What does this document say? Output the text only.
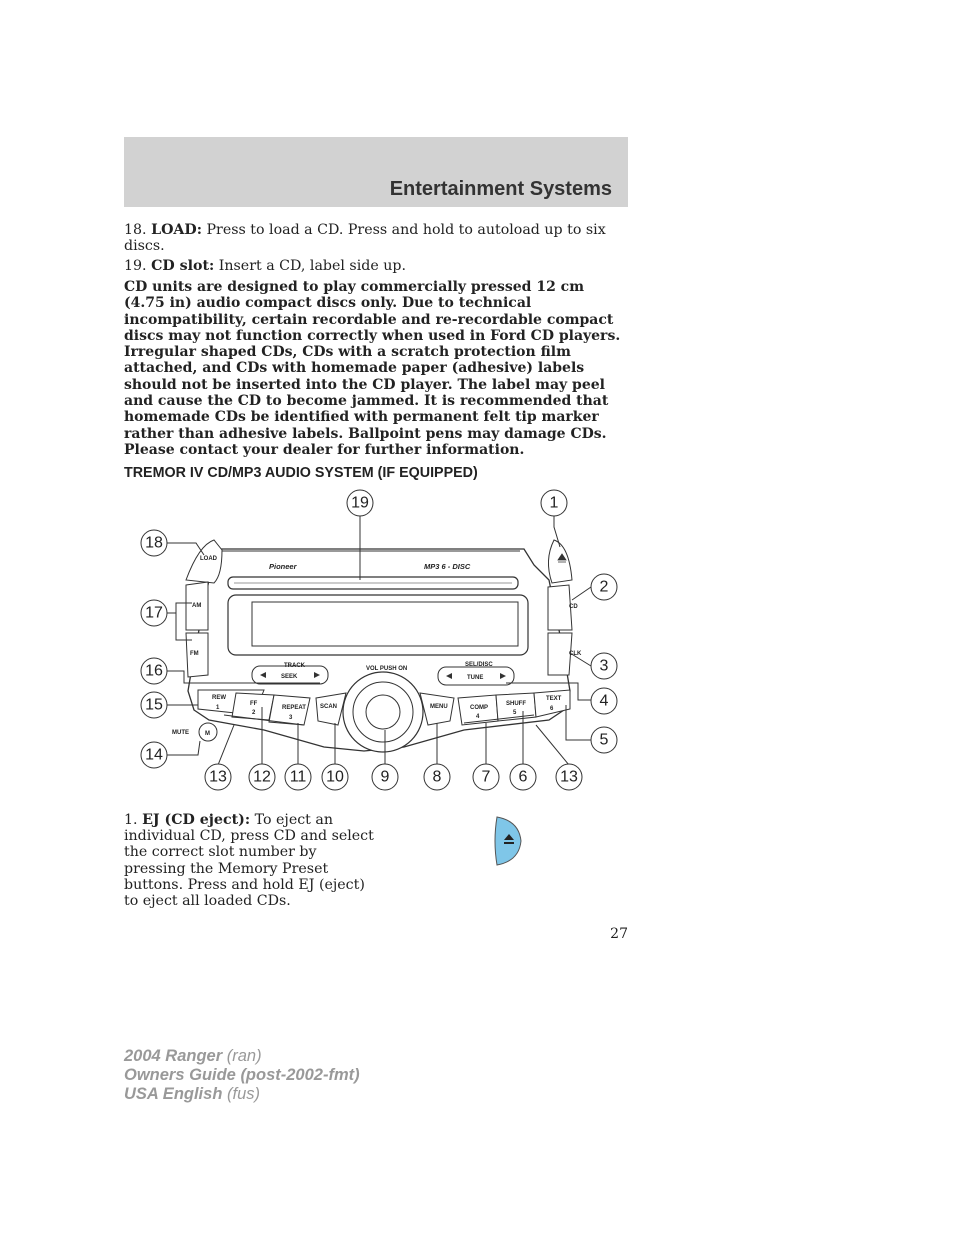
Entertainment Systems
18. LOAD: Press to load a CD. Press and hold to autoload up to six discs.
19. CD slot: Insert a CD, label side up.
CD units are designed to play commercially pressed 12 cm (4.75 in) audio compact discs only. Due to technical incompatibility, certain recordable and re-recordable compact discs may not function correctly when used in Ford CD players. Irregular shaped CDs, CDs with a scratch protection film attached, and CDs with homemade paper (adhesive) labels should not be inserted into the CD player. The label may peel and cause the CD to become jammed. It is recommended that homemade CDs be identified with permanent felt tip marker rather than adhesive labels. Ballpoint pens may damage CDs. Please contact your dealer for further information.
TREMOR IV CD/MP3 AUDIO SYSTEM (IF EQUIPPED)
Pioneer	MP3 6 - DISC
LOAD
AM
FM
CD
CLK
TRACK
SEEK
VOL PUSH ON
SEL/DISC
TUNE
REW
1
FF
2
REPEAT
3
SCAN	MENU	COMP
4
SHUFF
5
TEXT
6
MUTE	M
19	1
18
2
17
3
16
4
15
5
14
13 12 11 10 9	8	7 6 13
1. EJ (CD eject): To eject an individual CD, press CD and select the correct slot number by pressing the Memory Preset buttons. Press and hold EJ (eject) to eject all loaded CDs.
27
2004 Ranger (ran)
Owners Guide (post-2002-fmt)
USA English (fus)
